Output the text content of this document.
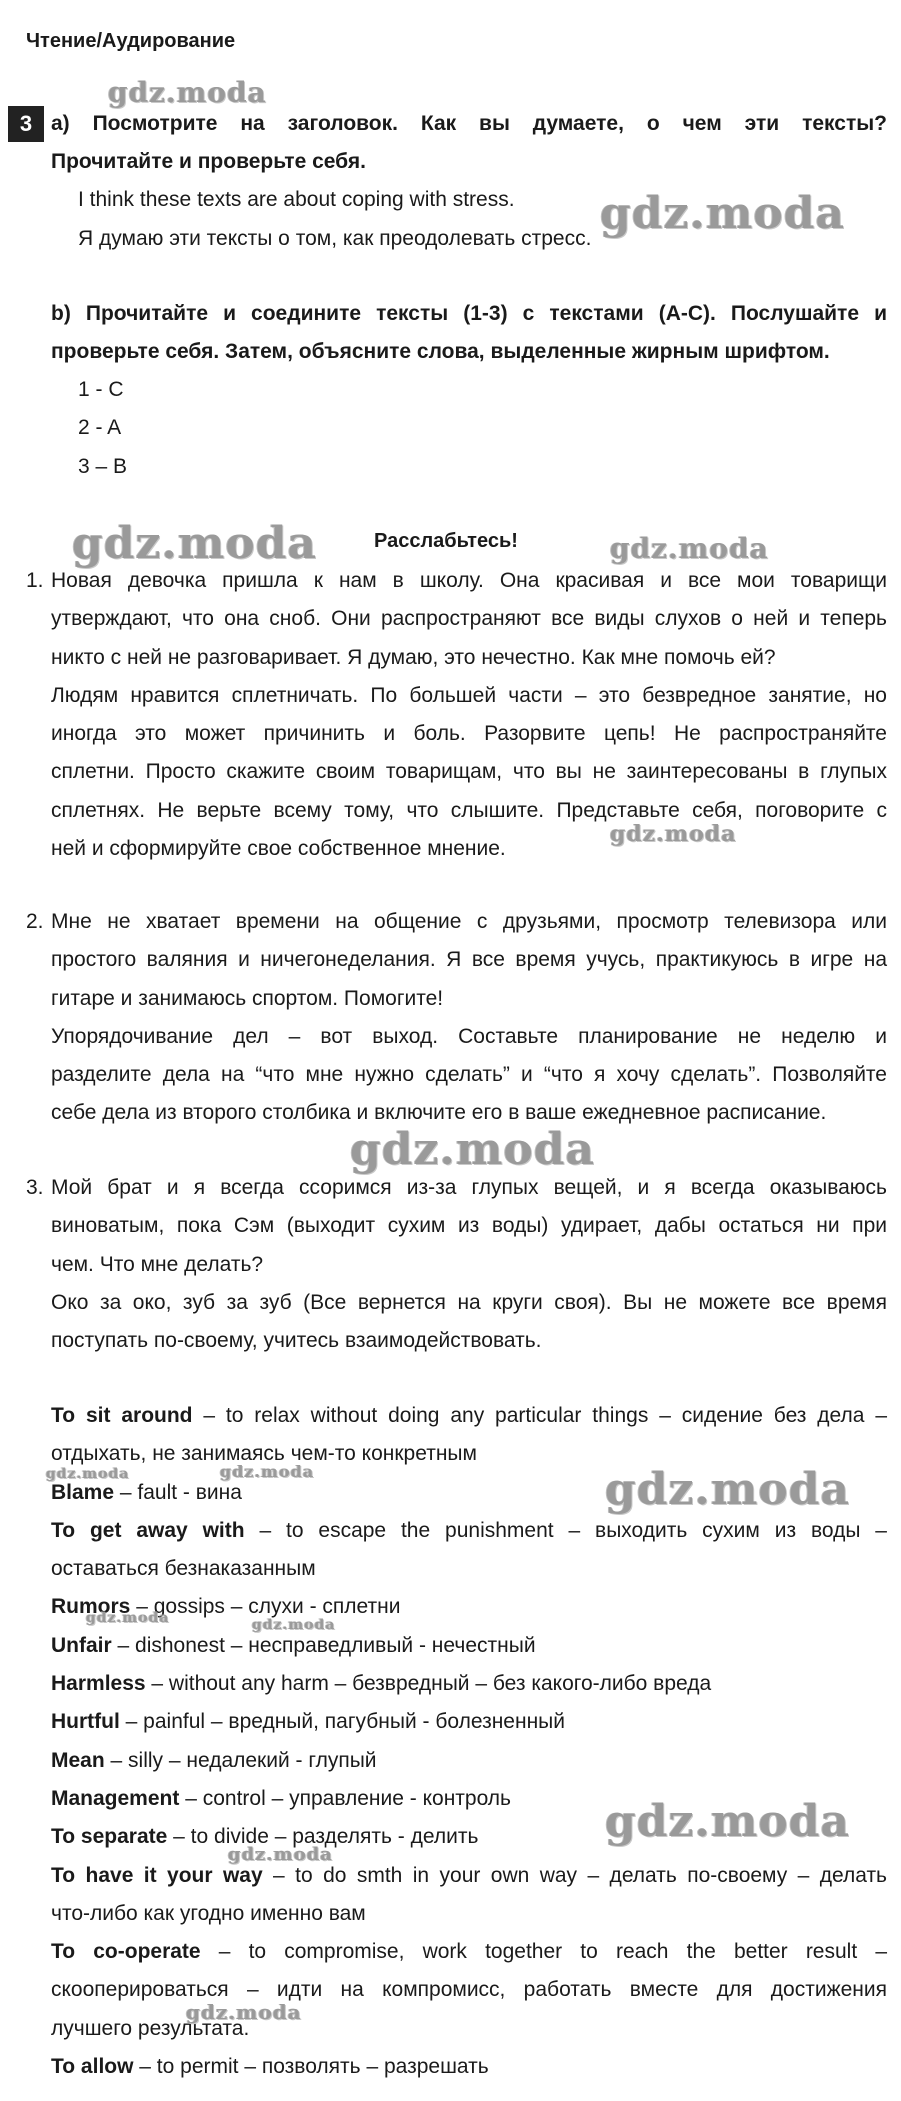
Чтение/Аудирование
3 a) Посмотрите на заголовок. Как вы думаете, о чем эти тексты?
Прочитайте и проверьте себя.
I think these texts are about coping with stress.
Я думаю эти тексты о том, как преодолевать стресс.
b) Прочитайте и соедините тексты (1-3) с текстами (A-C). Послушайте и
проверьте себя. Затем, объясните слова, выделенные жирным шрифтом.
1 - C
2 - A
3 – B
Расслабьтесь!
1. Новая девочка пришла к нам в школу. Она красивая и все мои товарищи
утверждают, что она сноб. Они распространяют все виды слухов о ней и теперь
никто с ней не разговаривает. Я думаю, это нечестно. Как мне помочь ей?
Людям нравится сплетничать. По большей части – это безвредное занятие, но
иногда это может причинить и боль. Разорвите цепь! Не распространяйте
сплетни. Просто скажите своим товарищам, что вы не заинтересованы в глупых
сплетнях. Не верьте всему тому, что слышите. Представьте себя, поговорите с
ней и сформируйте свое собственное мнение.
2. Мне не хватает времени на общение с друзьями, просмотр телевизора или
простого валяния и ничегонеделания. Я все время учусь, практикуюсь в игре на
гитаре и занимаюсь спортом. Помогите!
Упорядочивание дел – вот выход. Составьте планирование не неделю и
разделите дела на “что мне нужно сделать” и “что я хочу сделать”. Позволяйте
себе дела из второго столбика и включите его в ваше ежедневное расписание.
3. Мой брат и я всегда ссоримся из-за глупых вещей, и я всегда оказываюсь
виноватым, пока Сэм (выходит сухим из воды) удирает, дабы остаться ни при
чем. Что мне делать?
Око за око, зуб за зуб (Все вернется на круги своя). Вы не можете все время
поступать по-своему, учитесь взаимодействовать.
To sit around – to relax without doing any particular things – сидение без дела –
отдыхать, не занимаясь чем-то конкретным
Blame – fault - вина
To get away with – to escape the punishment – выходить сухим из воды –
оставаться безнаказанным
Rumors – gossips – слухи - сплетни
Unfair – dishonest – несправедливый - нечестный
Harmless – without any harm – безвредный – без какого-либо вреда
Hurtful – painful – вредный, пагубный - болезненный
Mean – silly – недалекий - глупый
Management – control – управление - контроль
To separate – to divide – разделять - делить
To have it your way – to do smth in your own way – делать по-своему – делать
что-либо как угодно именно вам
To co-operate – to compromise, work together to reach the better result –
скооперироваться – идти на компромисс, работать вместе для достижения
лучшего результата.
To allow – to permit – позволять – разрешать
gdz.moda
gdz.moda
gdz.moda	gdz.moda
gdz.moda
gdz.moda
gdz.moda	gdz.moda	gdz.moda
gdz.moda	gdz.moda
gdz.moda
gdz.moda
gdz.moda
